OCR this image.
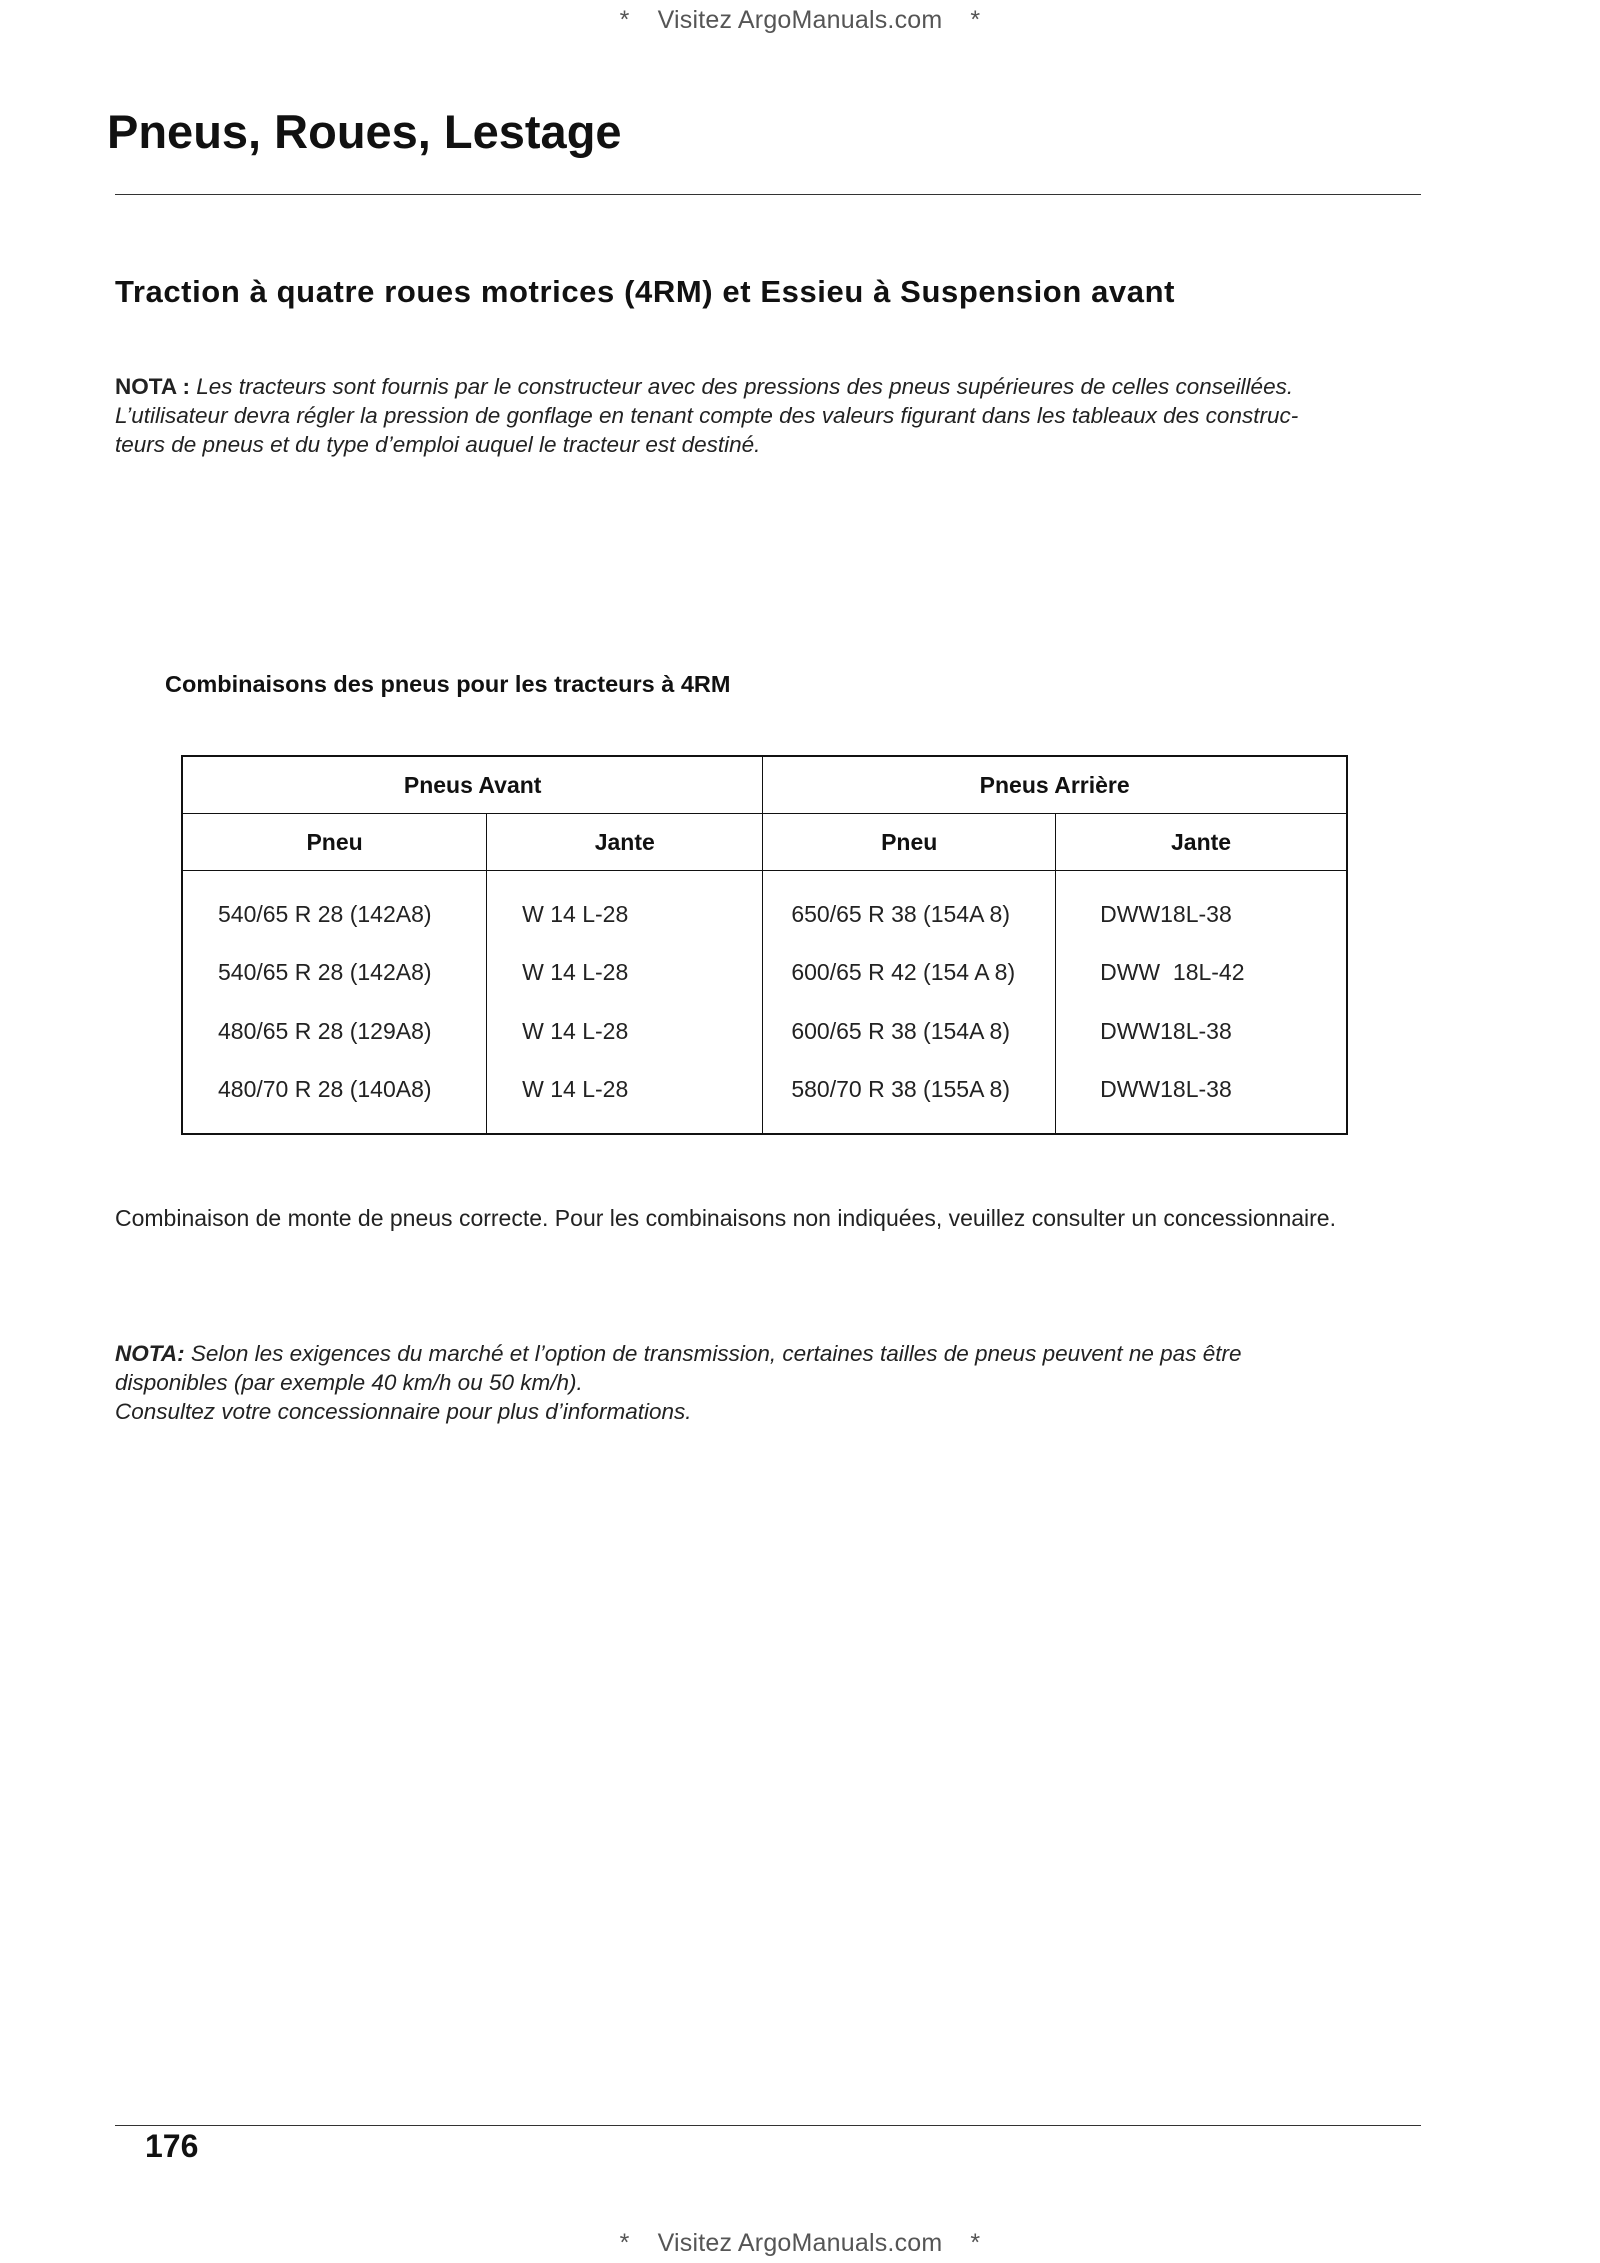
* Visitez ArgoManuals.com *
Pneus, Roues, Lestage
Traction à quatre roues motrices (4RM) et Essieu à Suspension avant
NOTA : Les tracteurs sont fournis par le constructeur avec des pressions des pneus supérieures de celles conseillées.
L’utilisateur devra régler la pression de gonflage en tenant compte des valeurs figurant dans les tableaux des construc-
teurs de pneus et du type d’emploi auquel le tracteur est destiné.
Combinaisons des pneus pour les tracteurs à 4RM
Pneus Avant		Pneus Arrière	
Pneu	Jante	Pneu	Jante
540/65 R 28 (142A8)	W 14 L-28	650/65 R 38 (154A 8)	DWW18L-38
540/65 R 28 (142A8)	W 14 L-28	600/65 R 42 (154 A 8)	DWW  18L-42
480/65 R 28 (129A8)	W 14 L-28	600/65 R 38 (154A 8)	DWW18L-38
480/70 R 28 (140A8)	W 14 L-28	580/70 R 38 (155A 8)	DWW18L-38

Combinaison de monte de pneus correcte. Pour les combinaisons non indiquées, veuillez consulter un concessionnaire.

NOTA: Selon les exigences du marché et l’option de transmission, certaines tailles de pneus peuvent ne pas être
disponibles (par exemple 40 km/h ou 50 km/h).
Consultez votre concessionnaire pour plus d’informations.

176

* Visitez ArgoManuals.com *
